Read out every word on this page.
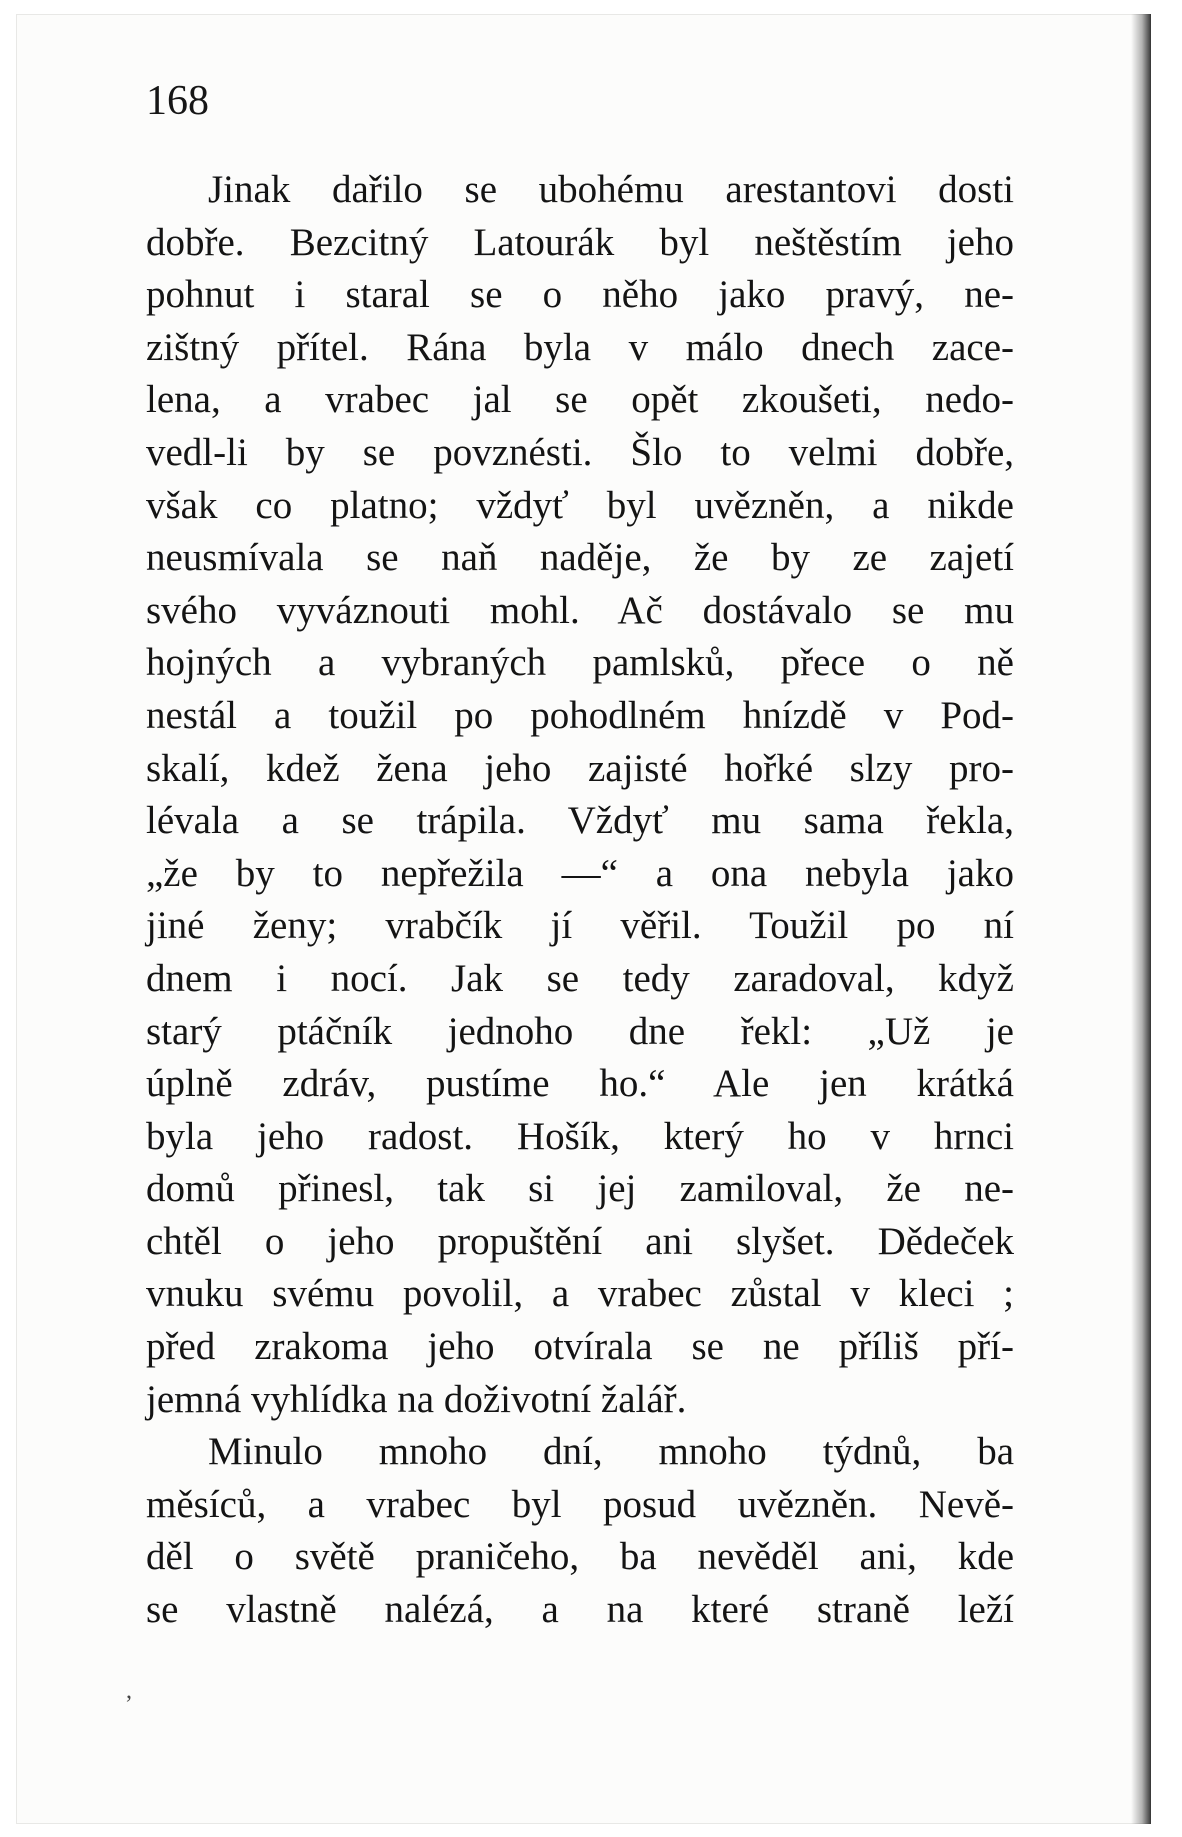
168
Jinak dařilo se ubohému arestantovi dosti
dobře. Bezcitný Latourák byl neštěstím jeho
pohnut i staral se o něho jako pravý, ne-
zištný přítel. Rána byla v málo dnech zace-
lena, a vrabec jal se opět zkoušeti, nedo-
vedl-li by se povznésti. Šlo to velmi dobře,
však co platno; vždyť byl uvězněn, a nikde
neusmívala se naň naděje, že by ze zajetí
svého vyváznouti mohl. Ač dostávalo se mu
hojných a vybraných pamlsků, přece o ně
nestál a toužil po pohodlném hnízdě v Pod-
skalí, kdež žena jeho zajisté hořké slzy pro-
lévala a se trápila. Vždyť mu sama řekla,
„že by to nepřežila —“ a ona nebyla jako
jiné ženy; vrabčík jí věřil. Toužil po ní
dnem i nocí. Jak se tedy zaradoval, když
starý ptáčník jednoho dne řekl: „Už je
úplně zdráv, pustíme ho.“ Ale jen krátká
byla jeho radost. Hošík, který ho v hrnci
domů přinesl, tak si jej zamiloval, že ne-
chtěl o jeho propuštění ani slyšet. Dědeček
vnuku svému povolil, a vrabec zůstal v kleci ;
před zrakoma jeho otvírala se ne příliš pří-
jemná vyhlídka na doživotní žalář.
Minulo mnoho dní, mnoho týdnů, ba
měsíců, a vrabec byl posud uvězněn. Nevě-
děl o světě praničeho, ba nevěděl ani, kde
se vlastně nalézá, a na které straně leží
,
